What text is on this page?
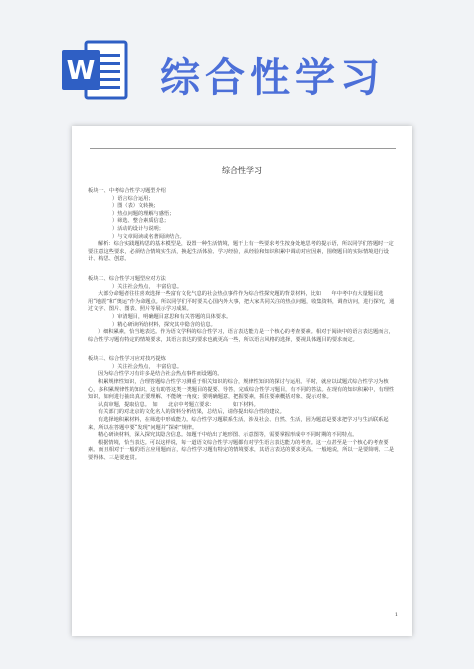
W 综合性学习
综合性学习

板块一、中考综合性学习题型介绍

）语言综合运用；

）图（表）文转换；

）热点问题的理解与感悟；

）筛选、整合素质信息；

）活动的设计与说明；

）与文章阅读或名著阅读结合。

解析：综合实践题构思的基本模型是，设置一种生活情境，题干上有一些要求考生按身处地思考的提示语，所以同学们答题时一定要注意这些要求，必须结合情境实生活，换起生活体验、学习经验，从经验和知识积累中调动对应因素，围绕题目的实际情境进行设计、构思、创意。

板块二、综合性学习题型应对方法

）关注社会热点，　丰富信息。

大部分命题者往往喜欢选择一些富有文化气息的社会热点事件作为综合性探究题的背景材料，比如　　年中考中有大量题目选用“地震”和“奥运”作为命题点。所以同学们平时要关心国内外大事，把大家共同关注的热点问题，收集资料，调查访问，进行探究，通过文字、图片、图表、照片等展示学习成果。

）审清题目，明确题目意思和有关答题的具体要求。

）精心研读所给材料，探究其中隐含的信息。

）细积累素，恰当地表达。作为语文学科的综合性学习，语言表达能力是一个核心的考查要素。相对于阅读中的语言表达题而言，综合性学习题有特定的情境要求，其语言表达的要求也就更高一些，所以语言风格的选择，要视具体题目的要求而定。

板块三、综合性学习应对技巧提炼

）关注社会热点，　丰富信息。

因为综合性学习有许多是结合社会热点事件而设题的。

积累规律性知识，合理答题综合性学习测重于相关知识的综合，规律性知识的探讨与运用。平时，就应以试题式综合性学习为核心，多积累规律性的知识，这有助答这类一类题目的提要、导答，完成综合性学习题目，有不同的答法。在现有的知识积累中，有理性知识，如何进行抽出真正要理解、不能统一角度；要明确题意，把握要素，抓住要素概括对象、提示对象。

认真审题，提取信息。　如　　北京中考题立要求：　　　　如下材料。

有关部门的对北京的文化名人的资料分析结果，总结后，请你提出综合性的建议。

有选择地积累材料，在筛选中形成能力。综合性学习题联系生活，涉及社会、自然、生活，因为题意是要求把学习与生活联系起来，所以在答题中要“发现”问题并“探索”规律。

精心研读材料，深入探究其隐含信息。如题干中给出了地形图、示意图等，需要掌握形成中不同时期的不同特点。

根据情境，恰当表达。可以这样说，每一道语文综合性学习题都有对学生语言表达能力的考查。这一点甚至是一个核心的考查要素。而且相对于一般的语言应用题而言，综合性学习题有特定的情境要求，其语言表达的要求更高。一般地说，所以一是要简明、二是要得体、三是要连贯。

1
